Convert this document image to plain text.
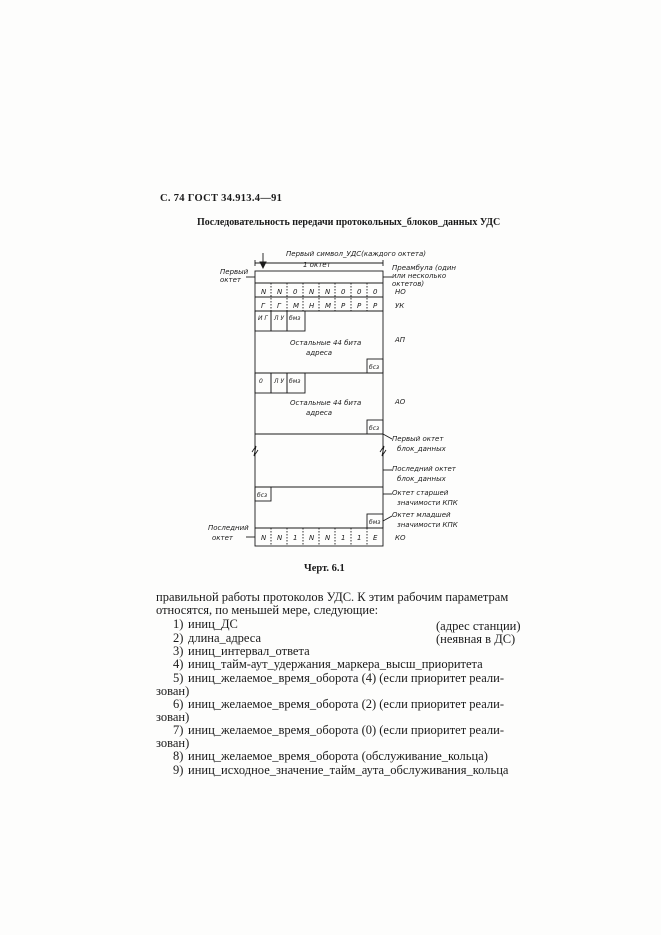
С. 74 ГОСТ 34.913.4—91
Последовательность передачи протокольных_блоков_данных УДС
Первый символ_УДС(каждого октета)
1 октет
Первый
октет
Преамбула (один
или несколько
октетов)
N N 0 N N 0 0 0	НО
Г Г М Н М Р Р Р	УК
И Г Л У бмз
Остальные 44 бита
адреса
бсз
АП
0 Л У бмз
Остальные 44 бита
адреса
бсз
АО
Первый октет
блок_данных
Последний октет
блок_данных
бсз	Октет старшей
значимости КПК
бмз
Октет младшей
значимости КПК
Последний
октет	N N 1 N N 1 1 Е	КО
Черт. 6.1
правильной работы протоколов УДС. К этим рабочим параметрам
относятся, по меньшей мере, следующие:
1) иниц_ДС	(адрес станции)
2) длина_адреса	(неявная в ДС)
3) иниц_интервал_ответа
4) иниц_тайм-аут_удержания_маркера_высш_приоритета
5) иниц_желаемое_время_оборота (4) (если приоритет реали-
зован)
6) иниц_желаемое_время_оборота (2) (если приоритет реали-
зован)
7) иниц_желаемое_время_оборота (0) (если приоритет реали-
зован)
8) иниц_желаемое_время_оборота (обслуживание_кольца)
9) иниц_исходное_значение_тайм_аута_обслуживания_кольца
